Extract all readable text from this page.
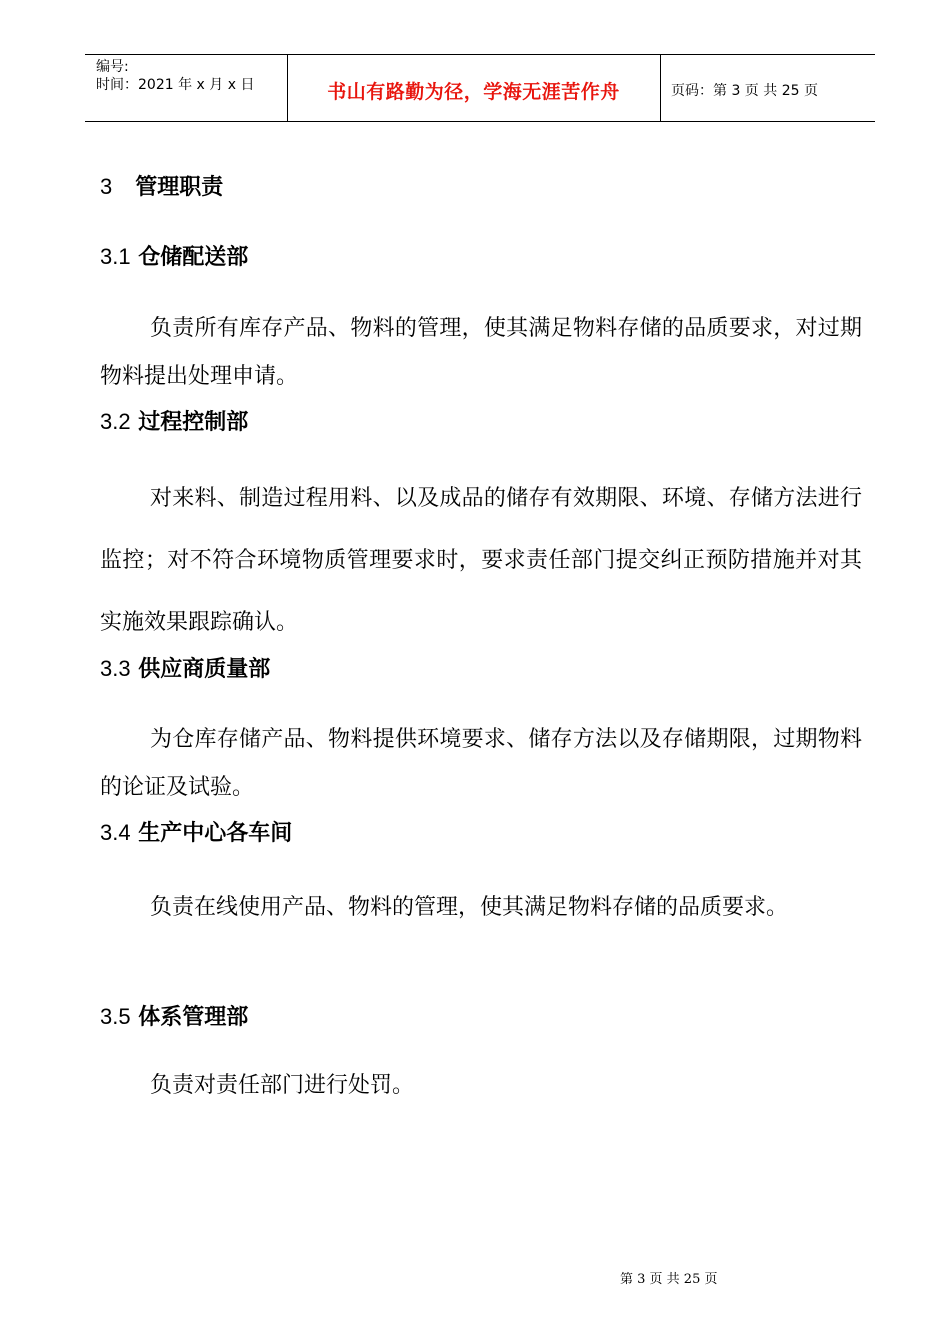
编号:
时间：2021 年 x 月 x 日	书山有路勤为径，学海无涯苦作舟	页码：第 3 页 共 25 页
3 管理职责
3.1 仓储配送部

负责所有库存产品、物料的管理，使其满足物料存储的品质要求，对过期物料提出处理申请。

3.2 过程控制部

对来料、制造过程用料、以及成品的储存有效期限、环境、存储方法进行监控；对不符合环境物质管理要求时，要求责任部门提交纠正预防措施并对其实施效果跟踪确认。

3.3 供应商质量部

为仓库存储产品、物料提供环境要求、储存方法以及存储期限，过期物料的论证及试验。

3.4 生产中心各车间

负责在线使用产品、物料的管理，使其满足物料存储的品质要求。

3.5 体系管理部

负责对责任部门进行处罚。

第 3 页 共 25 页
